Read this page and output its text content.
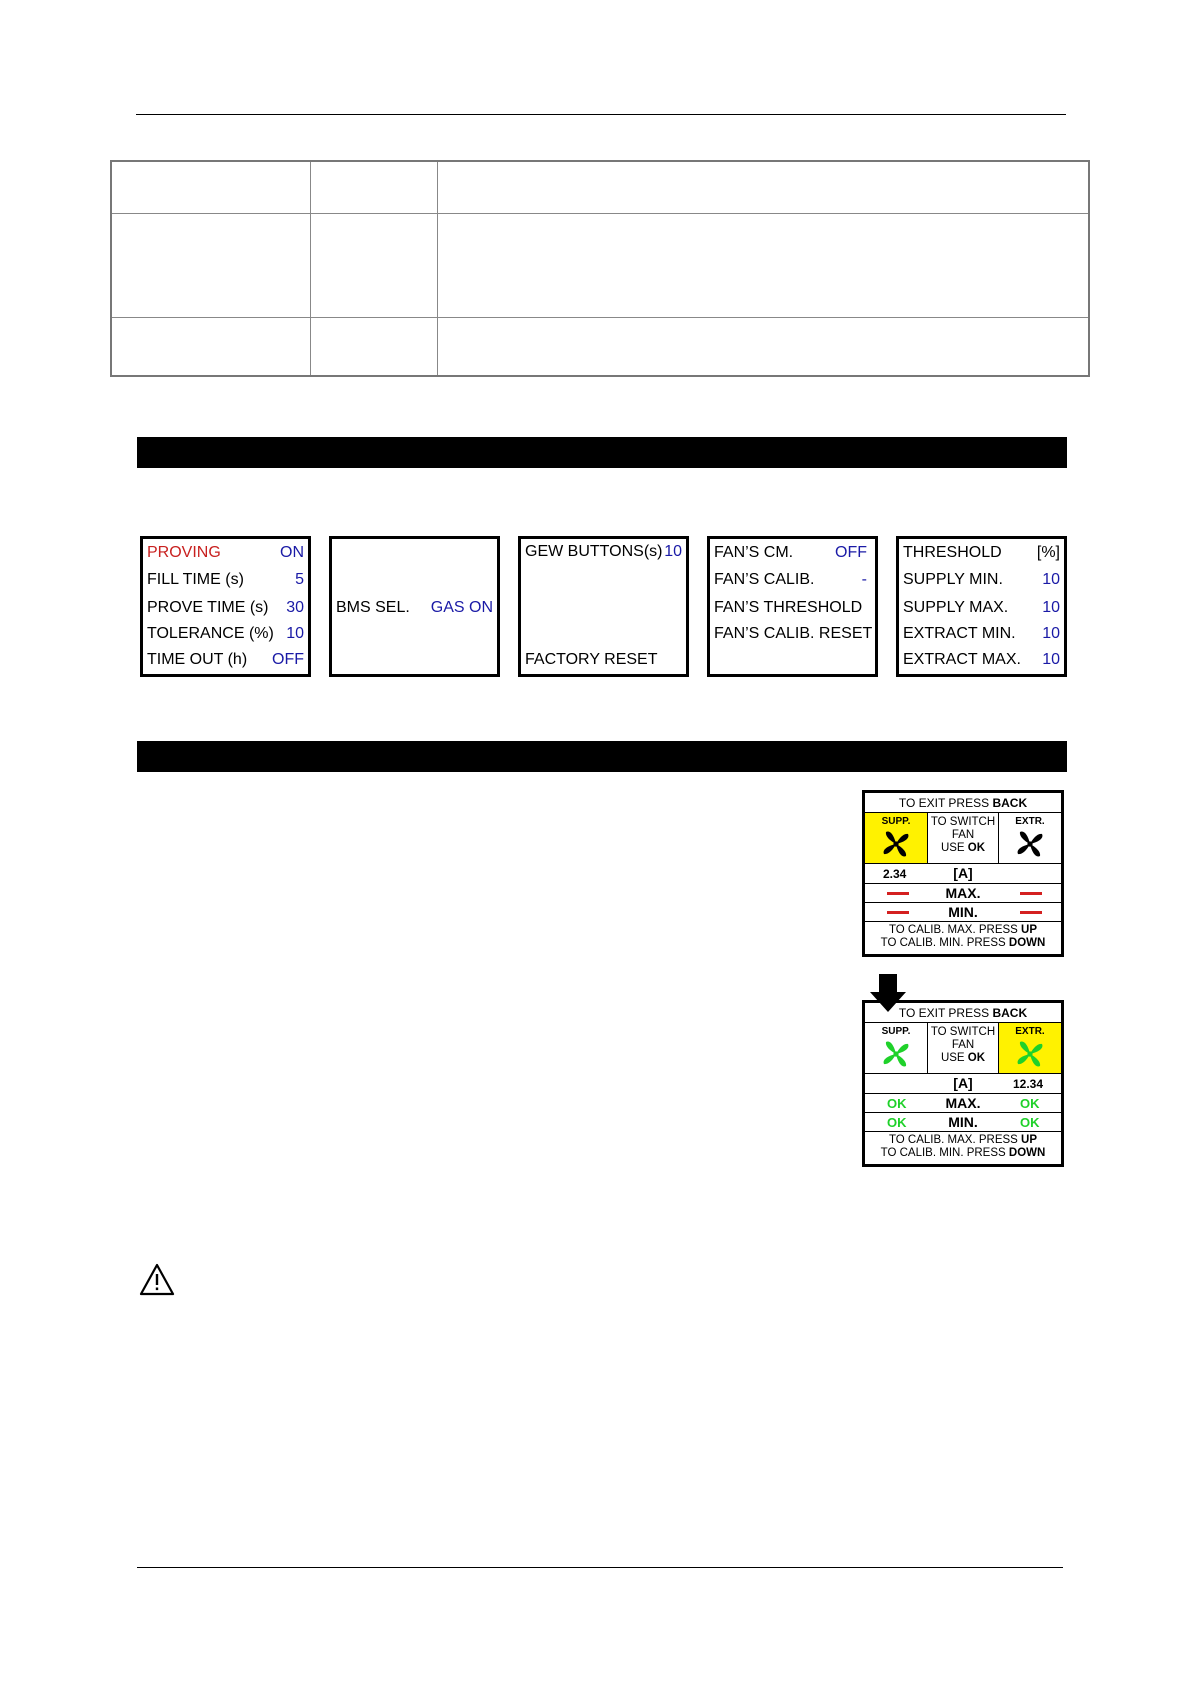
PROVING	ON
FILL TIME (s)	5
PROVE TIME (s) 30
TOLERANCE (%) 10
TIME OUT (h) OFF
BMS SEL. GAS ON
GEW BUTTONS(s) 10
FACTORY RESET
FAN’S CM.	OFF
FAN’S CALIB.	-
FAN’S THRESHOLD
FAN’S CALIB. RESET
THRESHOLD [%]
SUPPLY MIN. 10
SUPPLY MAX. 10
EXTRACT MIN. 10
EXTRACT MAX. 10
TO EXIT PRESS BACK
SUPP.	TO SWITCH
FAN
USE OK
EXTR.
2.34	[A]
MAX.
MIN.
TO CALIB. MAX. PRESS UP
TO CALIB. MIN. PRESS DOWN
TO EXIT PRESS BACK
SUPP.	TO SWITCH
FAN
USE OK
EXTR.
[A]	12.34
OK	MAX.	OK
OK	MIN.	OK
TO CALIB. MAX. PRESS UP
TO CALIB. MIN. PRESS DOWN
